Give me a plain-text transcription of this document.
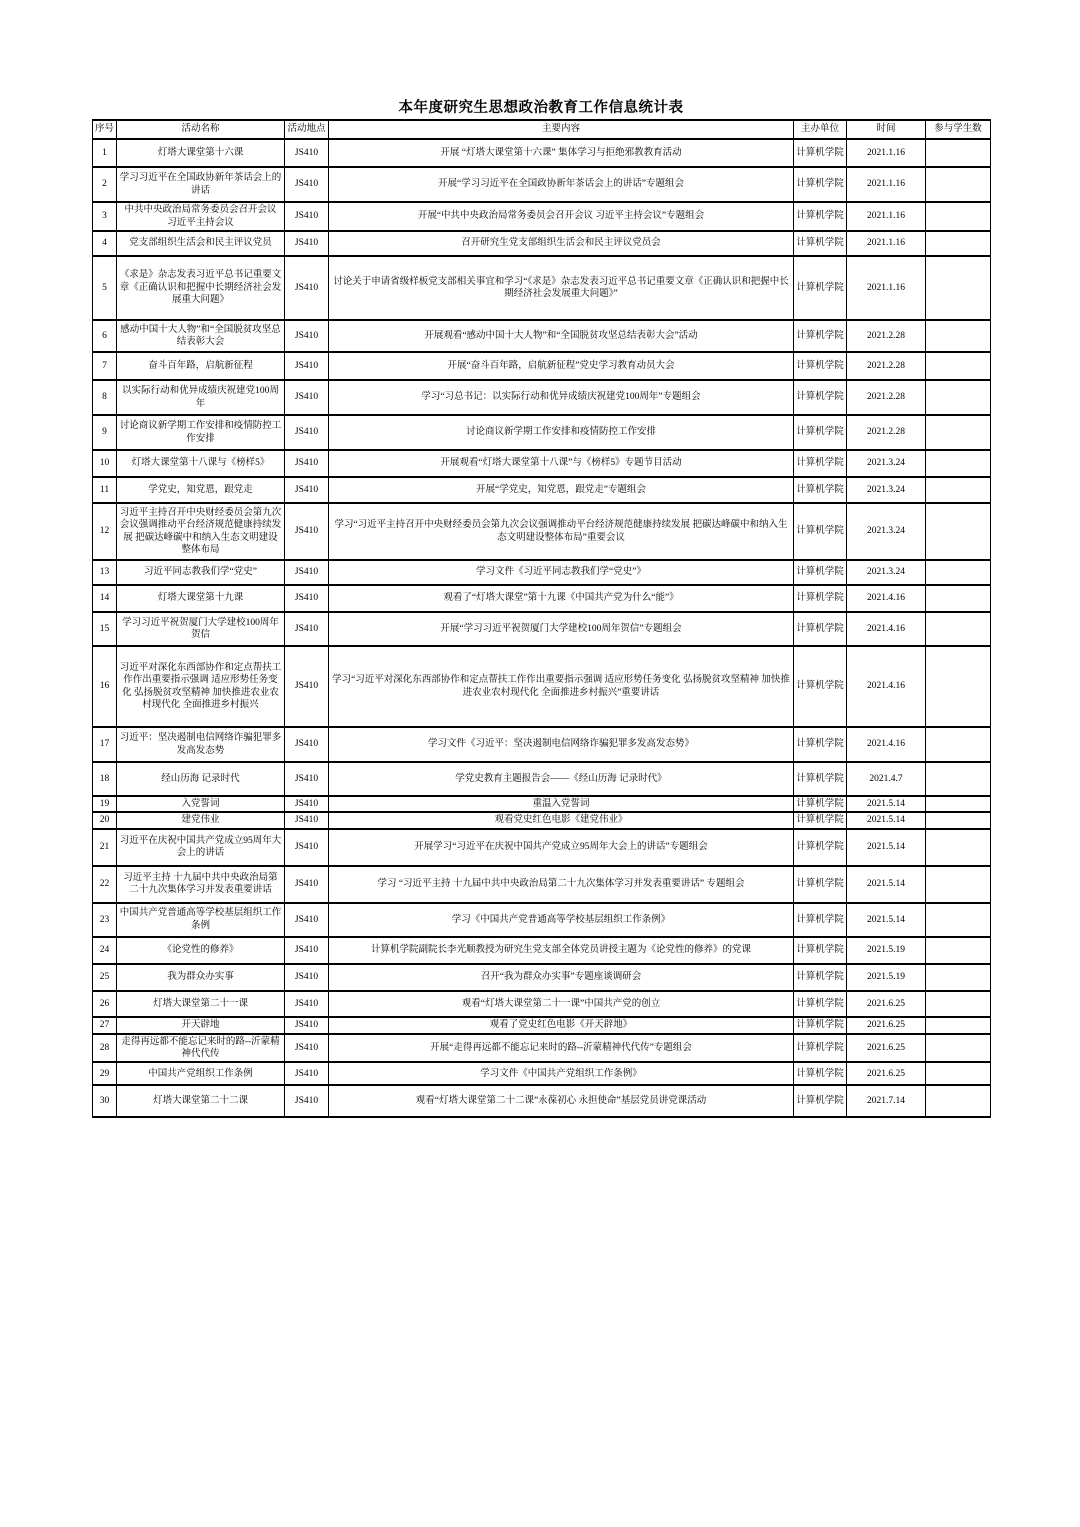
本年度研究生思想政治教育工作信息统计表
序号	活动名称	活动地点	主要内容	主办单位	时间	参与学生数
1	灯塔大课堂第十六课	JS410	开展 “灯塔大课堂第十六课” 集体学习与拒绝邪教教育活动	计算机学院	2021.1.16	
2	学习习近平在全国政协新年茶话会上的讲话	JS410	开展“学习习近平在全国政协新年茶话会上的讲话”专题组会	计算机学院	2021.1.16	
3	中共中央政治局常务委员会召开会议 习近平主持会议	JS410	开展“中共中央政治局常务委员会召开会议 习近平主持会议”专题组会	计算机学院	2021.1.16	
4	党支部组织生活会和民主评议党员	JS410	召开研究生党支部组织生活会和民主评议党员会	计算机学院	2021.1.16	
5	《求是》杂志发表习近平总书记重要文章《正确认识和把握中长期经济社会发展重大问题》	JS410	讨论关于申请省级样板党支部相关事宜和学习“《求是》杂志发表习近平总书记重要文章《正确认识和把握中长期经济社会发展重大问题》”	计算机学院	2021.1.16	
6	感动中国十大人物”和“全国脱贫攻坚总结表彰大会	JS410	开展观看“感动中国十大人物”和“全国脱贫攻坚总结表彰大会”活动	计算机学院	2021.2.28	
7	奋斗百年路，启航新征程	JS410	开展“奋斗百年路，启航新征程”党史学习教育动员大会	计算机学院	2021.2.28	
8	以实际行动和优异成绩庆祝建党100周年	JS410	学习“习总书记：以实际行动和优异成绩庆祝建党100周年”专题组会	计算机学院	2021.2.28	
9	讨论商议新学期工作安排和疫情防控工作安排	JS410	讨论商议新学期工作安排和疫情防控工作安排	计算机学院	2021.2.28	
10	灯塔大课堂第十八课与《榜样5》	JS410	开展观看“灯塔大课堂第十八课”与《榜样5》专题节目活动	计算机学院	2021.3.24	
11	学党史，知党恩，跟党走	JS410	开展“学党史，知党恩，跟党走”专题组会	计算机学院	2021.3.24	
12	习近平主持召开中央财经委员会第九次会议强调推动平台经济规范健康持续发展 把碳达峰碳中和纳入生态文明建设整体布局	JS410	学习“习近平主持召开中央财经委员会第九次会议强调推动平台经济规范健康持续发展 把碳达峰碳中和纳入生态文明建设整体布局”重要会议	计算机学院	2021.3.24	
13	习近平同志教我们学“党史”	JS410	学习文件《习近平同志教我们学“党史”》	计算机学院	2021.3.24	
14	灯塔大课堂第十九课	JS410	观看了“灯塔大课堂”第十九课《中国共产党为什么“能”》	计算机学院	2021.4.16	
15	学习习近平祝贺厦门大学建校100周年贺信	JS410	开展“学习习近平祝贺厦门大学建校100周年贺信”专题组会	计算机学院	2021.4.16	
16	习近平对深化东西部协作和定点帮扶工作作出重要指示强调 适应形势任务变化 弘扬脱贫攻坚精神 加快推进农业农村现代化 全面推进乡村振兴	JS410	学习“习近平对深化东西部协作和定点帮扶工作作出重要指示强调 适应形势任务变化 弘扬脱贫攻坚精神 加快推进农业农村现代化 全面推进乡村振兴”重要讲话	计算机学院	2021.4.16	
17	习近平：坚决遏制电信网络诈骗犯罪多发高发态势	JS410	学习文件《习近平：坚决遏制电信网络诈骗犯罪多发高发态势》	计算机学院	2021.4.16	
18	经山历海 记录时代	JS410	学党史教育主题报告会——《经山历海 记录时代》	计算机学院	2021.4.7	
19	入党誓词	JS410	重温入党誓词	计算机学院	2021.5.14	
20	建党伟业	JS410	观看党史红色电影《建党伟业》	计算机学院	2021.5.14	
21	习近平在庆祝中国共产党成立95周年大会上的讲话	JS410	开展学习“习近平在庆祝中国共产党成立95周年大会上的讲话”专题组会	计算机学院	2021.5.14	
22	习近平主持 十九届中共中央政治局第二十九次集体学习并发表重要讲话	JS410	学习 “习近平主持 十九届中共中央政治局第二十九次集体学习并发表重要讲话” 专题组会	计算机学院	2021.5.14	
23	中国共产党普通高等学校基层组织工作条例	JS410	学习《中国共产党普通高等学校基层组织工作条例》	计算机学院	2021.5.14	
24	《论党性的修养》	JS410	计算机学院副院长李光顺教授为研究生党支部全体党员讲授主题为《论党性的修养》的党课	计算机学院	2021.5.19	
25	我为群众办实事	JS410	召开“我为群众办实事”专题座谈调研会	计算机学院	2021.5.19	
26	灯塔大课堂第二十一课	JS410	观看“灯塔大课堂第二十一课”中国共产党的创立	计算机学院	2021.6.25	
27	开天辟地	JS410	观看了党史红色电影《开天辟地》	计算机学院	2021.6.25	
28	走得再远都不能忘记来时的路--沂蒙精神代代传	JS410	开展“走得再远都不能忘记来时的路--沂蒙精神代代传”专题组会	计算机学院	2021.6.25	
29	中国共产党组织工作条例	JS410	学习文件《中国共产党组织工作条例》	计算机学院	2021.6.25	
30	灯塔大课堂第二十二课	JS410	观看“灯塔大课堂第二十二课”永葆初心 永担使命”基层党员讲党课活动	计算机学院	2021.7.14	
